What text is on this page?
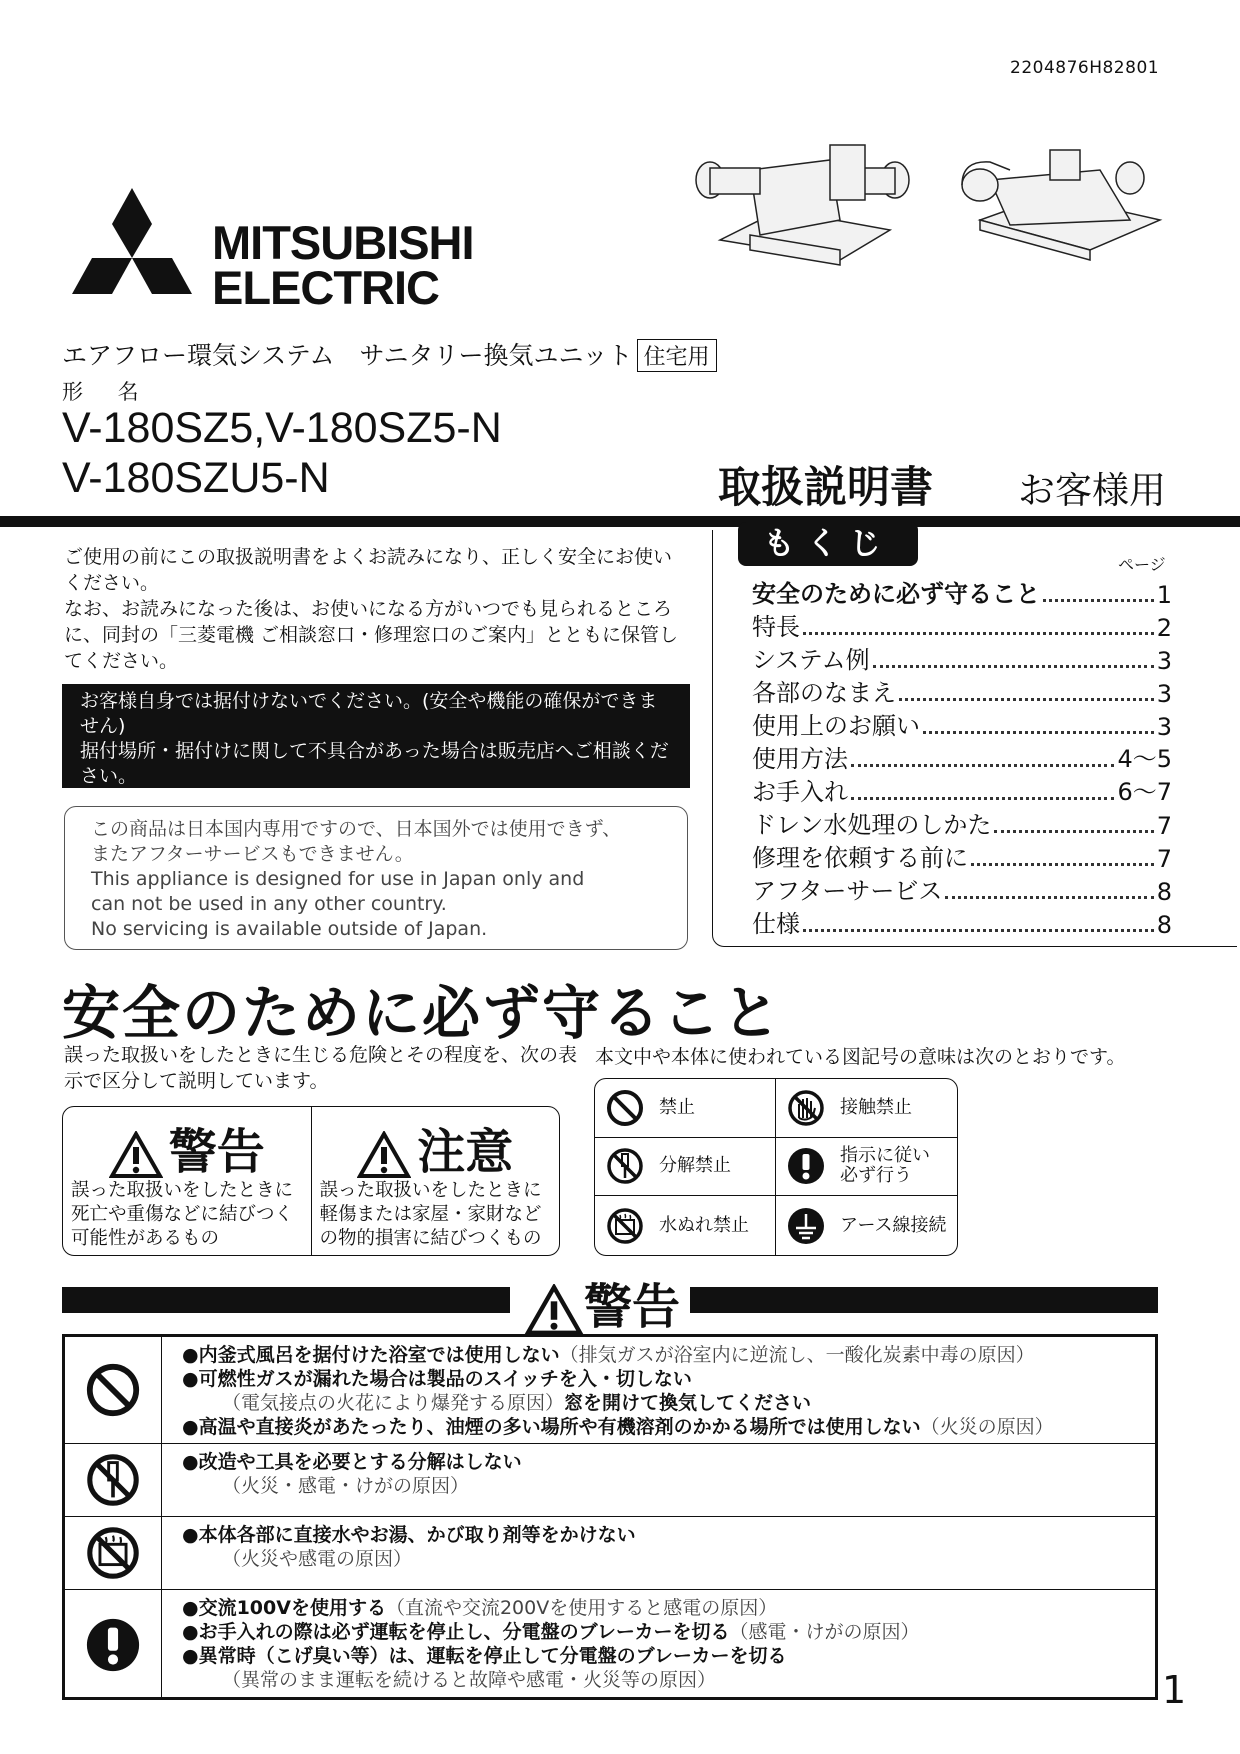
2204876H82801
MITSUBISHI
ELECTRIC
エアフロー環気システム　サニタリー換気ユニット 住宅用
形 名
V-180SZ5,V-180SZ5-N
V-180SZU5-N	取扱説明書 お客様用
ご使用の前にこの取扱説明書をよくお読みになり、正しく安全にお使いください。
なお、お読みになった後は、お使いになる方がいつでも見られるところに、同封の「三菱電機 ご相談窓口・修理窓口のご案内」とともに保管してください。
お客様自身では据付けないでください。(安全や機能の確保ができません)
据付場所・据付けに関して不具合があった場合は販売店へご相談ください。
この商品は日本国内専用ですので、日本国外では使用できず、
またアフターサービスもできません。
This appliance is designed for use in Japan only and
can not be used in any other country.
No servicing is available outside of Japan.
もくじ
ページ
安全のために必ず守ること	1
特長	2
システム例	3
各部のなまえ	3
使用上のお願い	3
使用方法	4〜5
お手入れ	6〜7
ドレン水処理のしかた	7
修理を依頼する前に	7
アフターサービス	8
仕様	8
安全のために必ず守ること
誤った取扱いをしたときに生じる危険とその程度を、次の表示で区分して説明しています。
本文中や本体に使われている図記号の意味は次のとおりです。
警告
誤った取扱いをしたときに
死亡や重傷などに結びつく
可能性があるもの
注意
誤った取扱いをしたときに
軽傷または家屋・家財など
の物的損害に結びつくもの
禁止	接触禁止
分解禁止	指示に従い必ず行う
水ぬれ禁止	アース線接続
警告
●内釜式風呂を据付けた浴室では使用しない（排気ガスが浴室内に逆流し、一酸化炭素中毒の原因）
●可燃性ガスが漏れた場合は製品のスイッチを入・切しない
（電気接点の火花により爆発する原因）窓を開けて換気してください
●高温や直接炎があたったり、油煙の多い場所や有機溶剤のかかる場所では使用しない（火災の原因）
●改造や工具を必要とする分解はしない
（火災・感電・けがの原因）
●本体各部に直接水やお湯、かび取り剤等をかけない
（火災や感電の原因）
●交流100Vを使用する（直流や交流200Vを使用すると感電の原因）
●お手入れの際は必ず運転を停止し、分電盤のブレーカーを切る（感電・けがの原因）
●異常時（こげ臭い等）は、運転を停止して分電盤のブレーカーを切る
（異常のまま運転を続けると故障や感電・火災等の原因）	1
